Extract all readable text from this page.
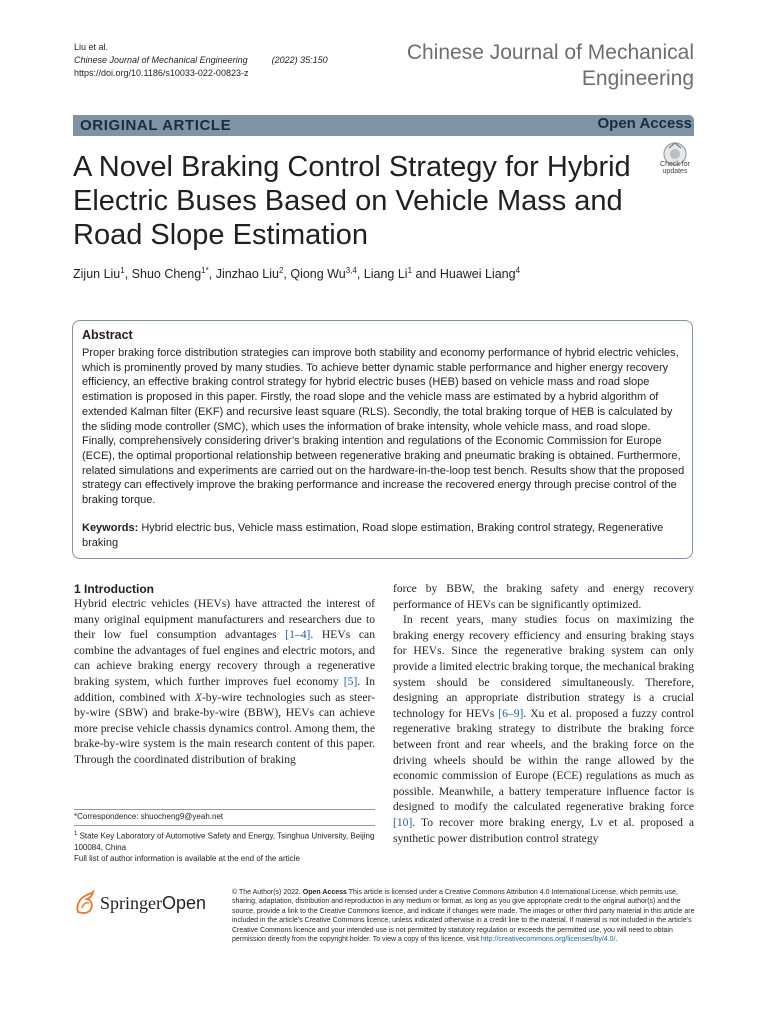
Liu et al.
Chinese Journal of Mechanical Engineering	(2022) 35:150
https://doi.org/10.1186/s10033-022-00823-z
Chinese Journal of Mechanical
Engineering
ORIGINAL ARTICLE	Open Access
A Novel Braking Control Strategy for Hybrid Electric Buses Based on Vehicle Mass and Road Slope Estimation
Check for
updates
Zijun Liu$^1$, Shuo Cheng$^{1*}$, Jinzhao Liu$^2$, Qiong Wu$^{3,4}$, Liang Li$^1$ and Huawei Liang$^4$
Abstract
Proper braking force distribution strategies can improve both stability and economy performance of hybrid electric vehicles, which is prominently proved by many studies. To achieve better dynamic stable performance and higher energy recovery efficiency, an effective braking control strategy for hybrid electric buses (HEB) based on vehicle mass and road slope estimation is proposed in this paper. Firstly, the road slope and the vehicle mass are estimated by a hybrid algorithm of extended Kalman filter (EKF) and recursive least square (RLS). Secondly, the total braking torque of HEB is calculated by the sliding mode controller (SMC), which uses the information of brake intensity, whole vehicle mass, and road slope. Finally, comprehensively considering driver’s braking intention and regulations of the Economic Commission for Europe (ECE), the optimal proportional relationship between regenerative braking and pneumatic braking is obtained. Furthermore, related simulations and experiments are carried out on the hardware-in-the-loop test bench. Results show that the proposed strategy can effectively improve the braking performance and increase the recovered energy through precise control of the braking torque.
Keywords: Hybrid electric bus, Vehicle mass estimation, Road slope estimation, Braking control strategy, Regenerative braking
1 Introduction
Hybrid electric vehicles (HEVs) have attracted the interest of many original equipment manufacturers and researchers due to their low fuel consumption advantages [1–4]. HEVs can combine the advantages of fuel engines and electric motors, and can achieve braking energy recovery through a regenerative braking system, which further improves fuel economy [5]. In addition, combined with X-by-wire technologies such as steer-by-wire (SBW) and brake-by-wire (BBW), HEVs can achieve more precise vehicle chassis dynamics control. Among them, the brake-by-wire system is the main research content of this paper. Through the coordinated distribution of braking
force by BBW, the braking safety and energy recovery performance of HEVs can be significantly optimized.
In recent years, many studies focus on maximizing the braking energy recovery efficiency and ensuring braking stays for HEVs. Since the regenerative braking system can only provide a limited electric braking torque, the mechanical braking system should be considered simultaneously. Therefore, designing an appropriate distribution strategy is a crucial technology for HEVs [6–9]. Xu et al. proposed a fuzzy control regenerative braking strategy to distribute the braking force between front and rear wheels, and the braking force on the driving wheels should be within the range allowed by the economic commission of Europe (ECE) regulations as much as possible. Meanwhile, a battery temperature influence factor is designed to modify the calculated regenerative braking force [10]. To recover more braking energy, Lv et al. proposed a synthetic power distribution control strategy
*Correspondence: shuocheng9@yeah.net
$^1$ State Key Laboratory of Automotive Safety and Energy, Tsinghua University, Beijing 100084, China
Full list of author information is available at the end of the article
SpringerOpen
© The Author(s) 2022. Open Access This article is licensed under a Creative Commons Attribution 4.0 International License, which permits use, sharing, adaptation, distribution and reproduction in any medium or format, as long as you give appropriate credit to the original author(s) and the source, provide a link to the Creative Commons licence, and indicate if changes were made. The images or other third party material in this article are included in the article’s Creative Commons licence, unless indicated otherwise in a credit line to the material. If material is not included in the article’s Creative Commons licence and your intended use is not permitted by statutory regulation or exceeds the permitted use, you will need to obtain permission directly from the copyright holder. To view a copy of this licence, visit http://creativecommons.org/licenses/by/4.0/.
